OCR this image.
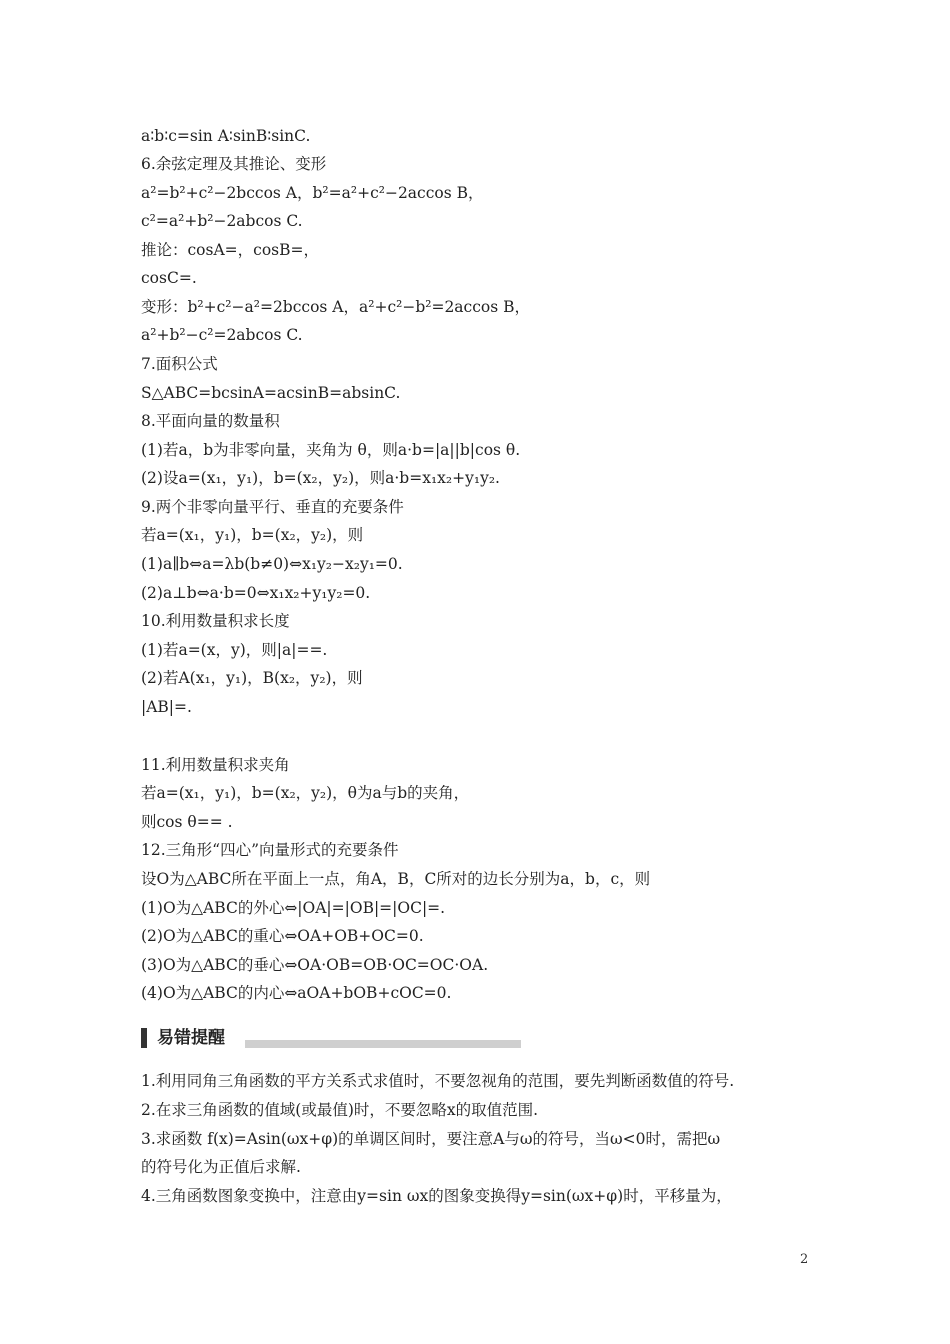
a∶b∶c=sin A∶sinB∶sinC.
6.余弦定理及其推论、变形
a²=b²+c²−2bccos A，b²=a²+c²−2accos B，
c²=a²+b²−2abcos C.
推论：cosA=，cosB=，
cosC=.
变形：b²+c²−a²=2bccos A，a²+c²−b²=2accos B，
a²+b²−c²=2abcos C.
7.面积公式
S△ABC=bcsinA=acsinB=absinC.
8.平面向量的数量积
(1)若a，b为非零向量，夹角为 θ，则a·b=|a||b|cos θ.
(2)设a=(x₁，y₁)，b=(x₂，y₂)，则a·b=x₁x₂+y₁y₂.
9.两个非零向量平行、垂直的充要条件
若a=(x₁，y₁)，b=(x₂，y₂)，则
(1)a∥b⇔a=λb(b≠0)⇔x₁y₂−x₂y₁=0.
(2)a⊥b⇔a·b=0⇔x₁x₂+y₁y₂=0.
10.利用数量积求长度
(1)若a=(x，y)，则|a|==.
(2)若A(x₁，y₁)，B(x₂，y₂)，则
|AB|=.
11.利用数量积求夹角
若a=(x₁，y₁)，b=(x₂，y₂)，θ为a与b的夹角，
则cos θ== .
12.三角形“四心”向量形式的充要条件
设O为△ABC所在平面上一点，角A，B，C所对的边长分别为a，b，c，则
(1)O为△ABC的外心⇔|OA|=|OB|=|OC|=.
(2)O为△ABC的重心⇔OA+OB+OC=0.
(3)O为△ABC的垂心⇔OA·OB=OB·OC=OC·OA.
(4)O为△ABC的内心⇔aOA+bOB+cOC=0.
易错提醒
1.利用同角三角函数的平方关系式求值时，不要忽视角的范围，要先判断函数值的符号.
2.在求三角函数的值域(或最值)时，不要忽略x的取值范围.
3.求函数 f(x)=Asin(ωx+φ)的单调区间时，要注意A与ω的符号，当ω<0时，需把ω
的符号化为正值后求解.
4.三角函数图象变换中，注意由y=sin ωx的图象变换得y=sin(ωx+φ)时，平移量为，
2
